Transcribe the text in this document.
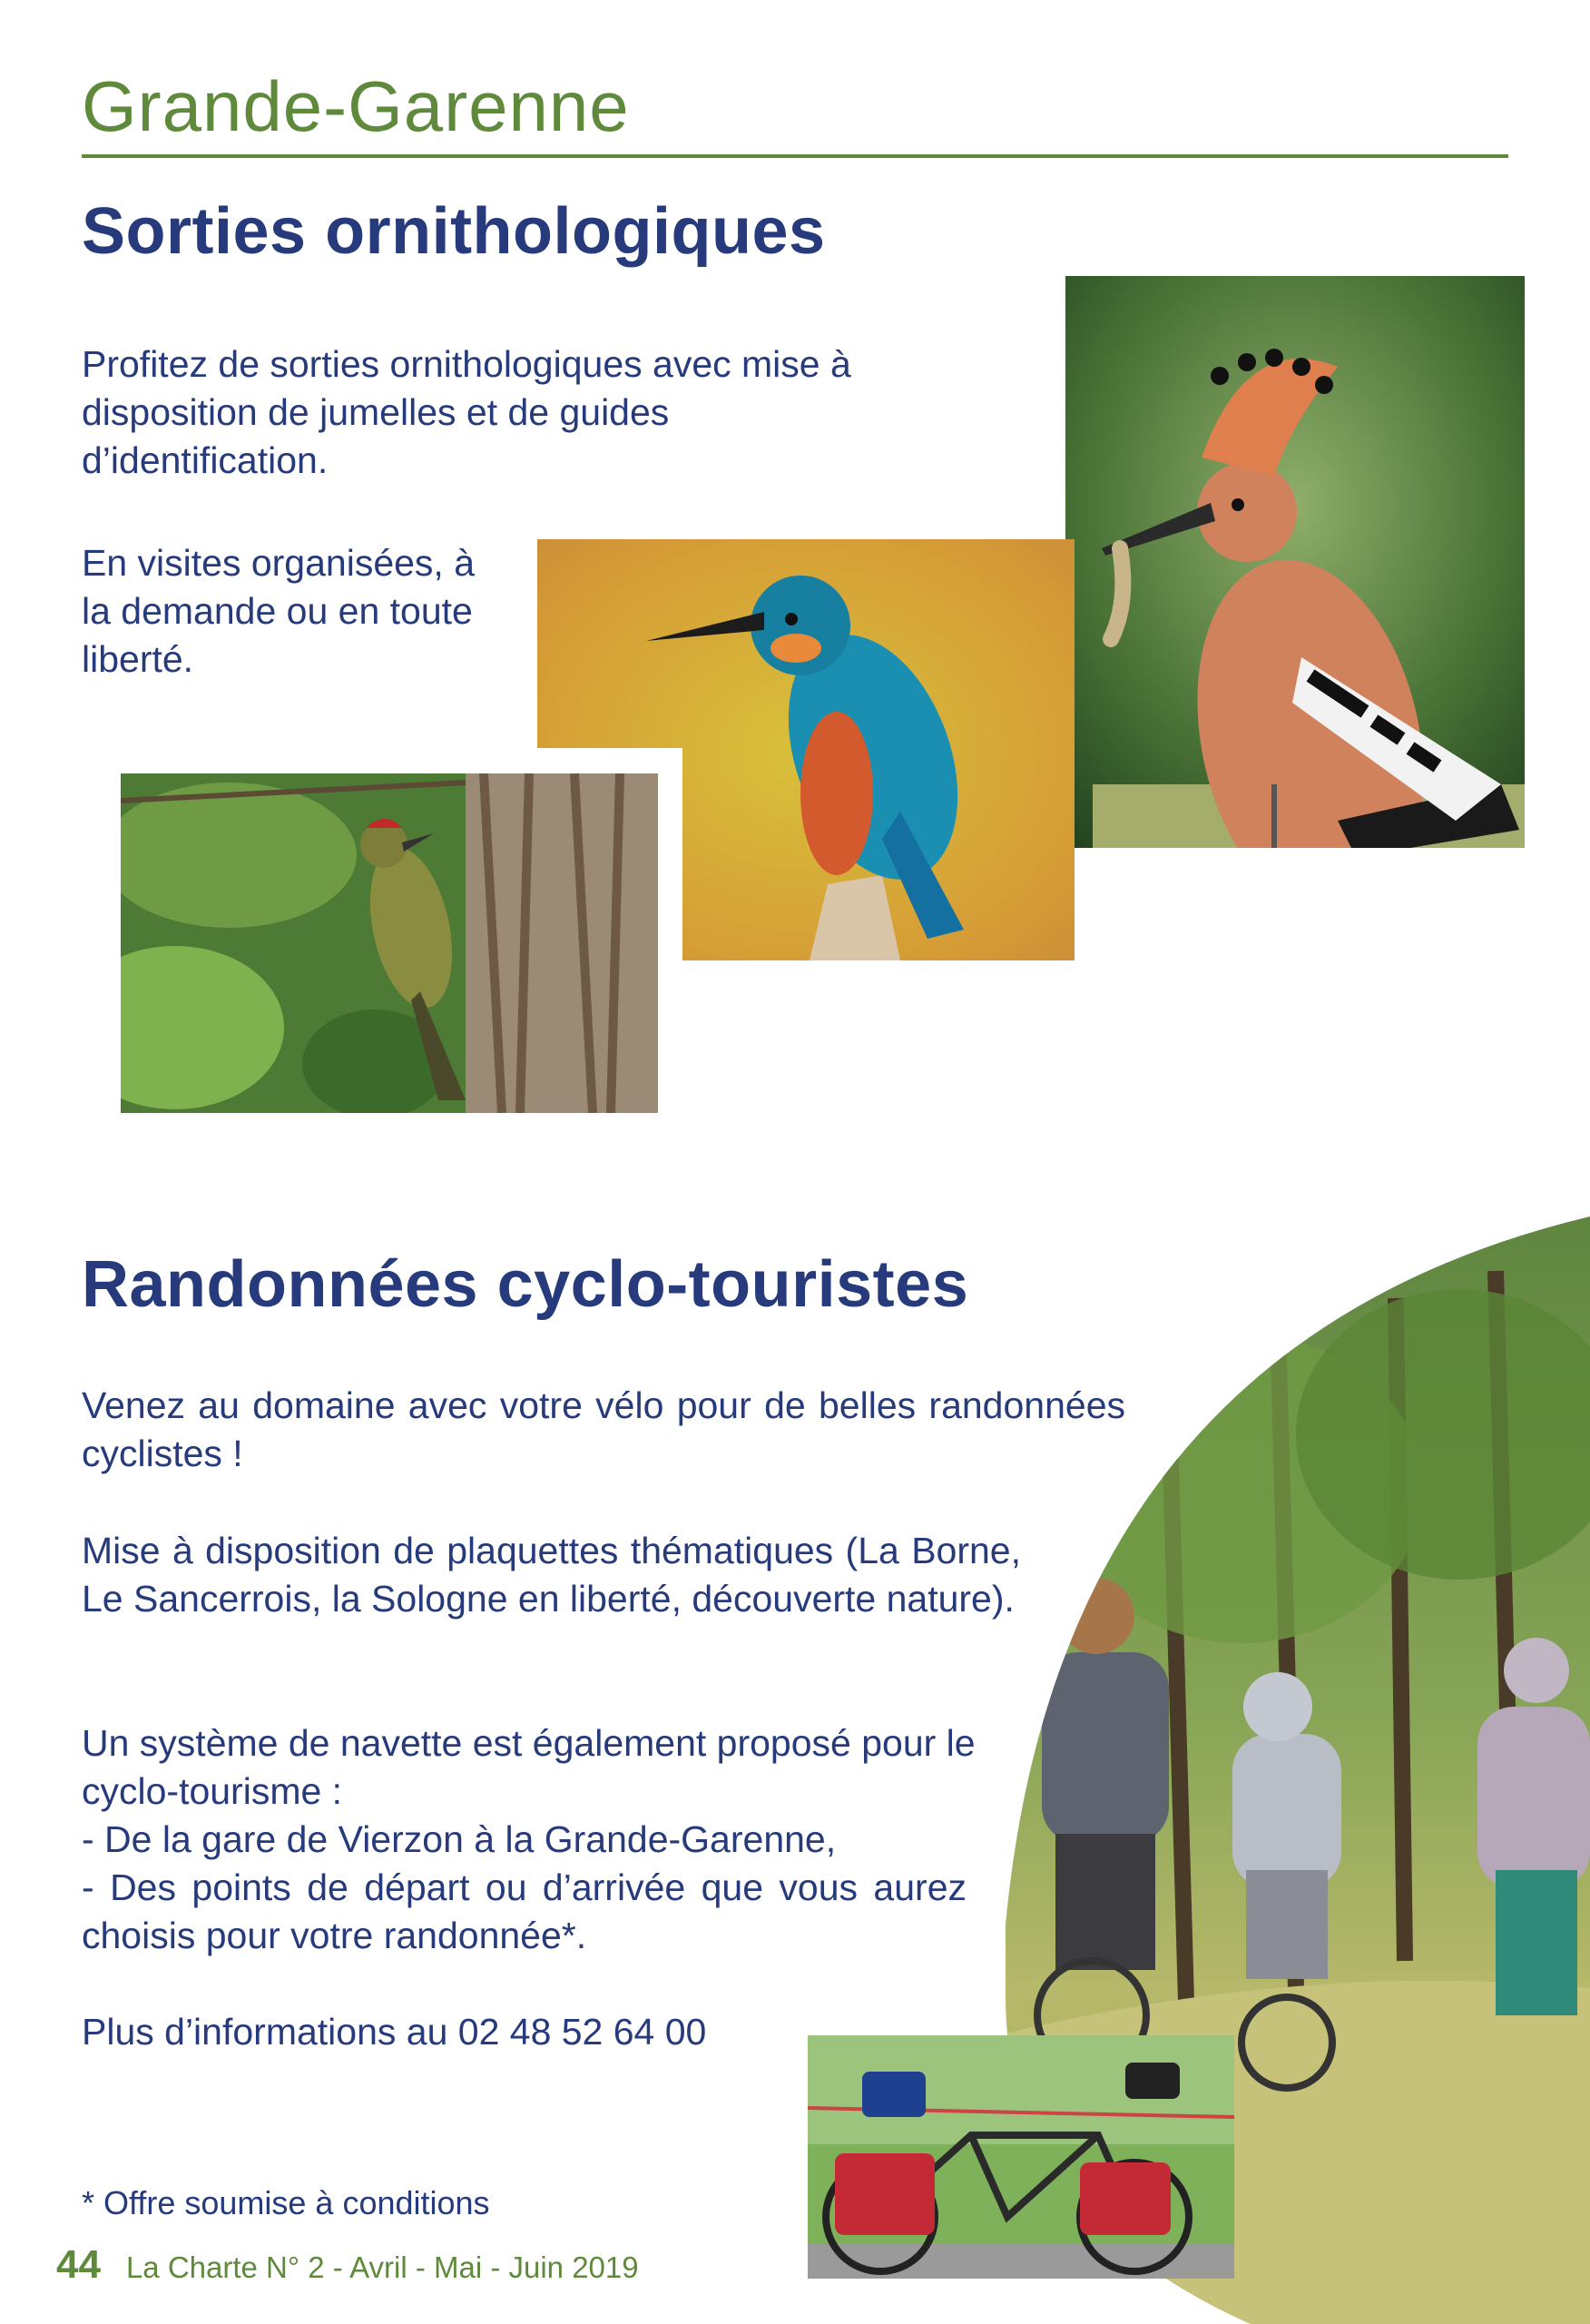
Grande-Garenne
Sorties ornithologiques

Profitez de sorties ornithologiques avec mise à disposition de jumelles et de guides d’identification.

En visites organisées, à la demande ou en toute liberté.

Randonnées cyclo-touristes

Venez au domaine avec votre vélo pour de belles randonnées cyclistes !

Mise à disposition de plaquettes thématiques (La Borne, Le Sancerrois, la Sologne en liberté, découverte nature).

Un système de navette est également proposé pour le cyclo-tourisme :

- De la gare de Vierzon à la Grande-Garenne,

- Des points de départ ou d’arrivée que vous aurez choisis pour votre randonnée*.

Plus d’informations au 02 48 52 64 00

* Offre soumise à conditions

44 La Charte N° 2 - Avril - Mai - Juin 2019
